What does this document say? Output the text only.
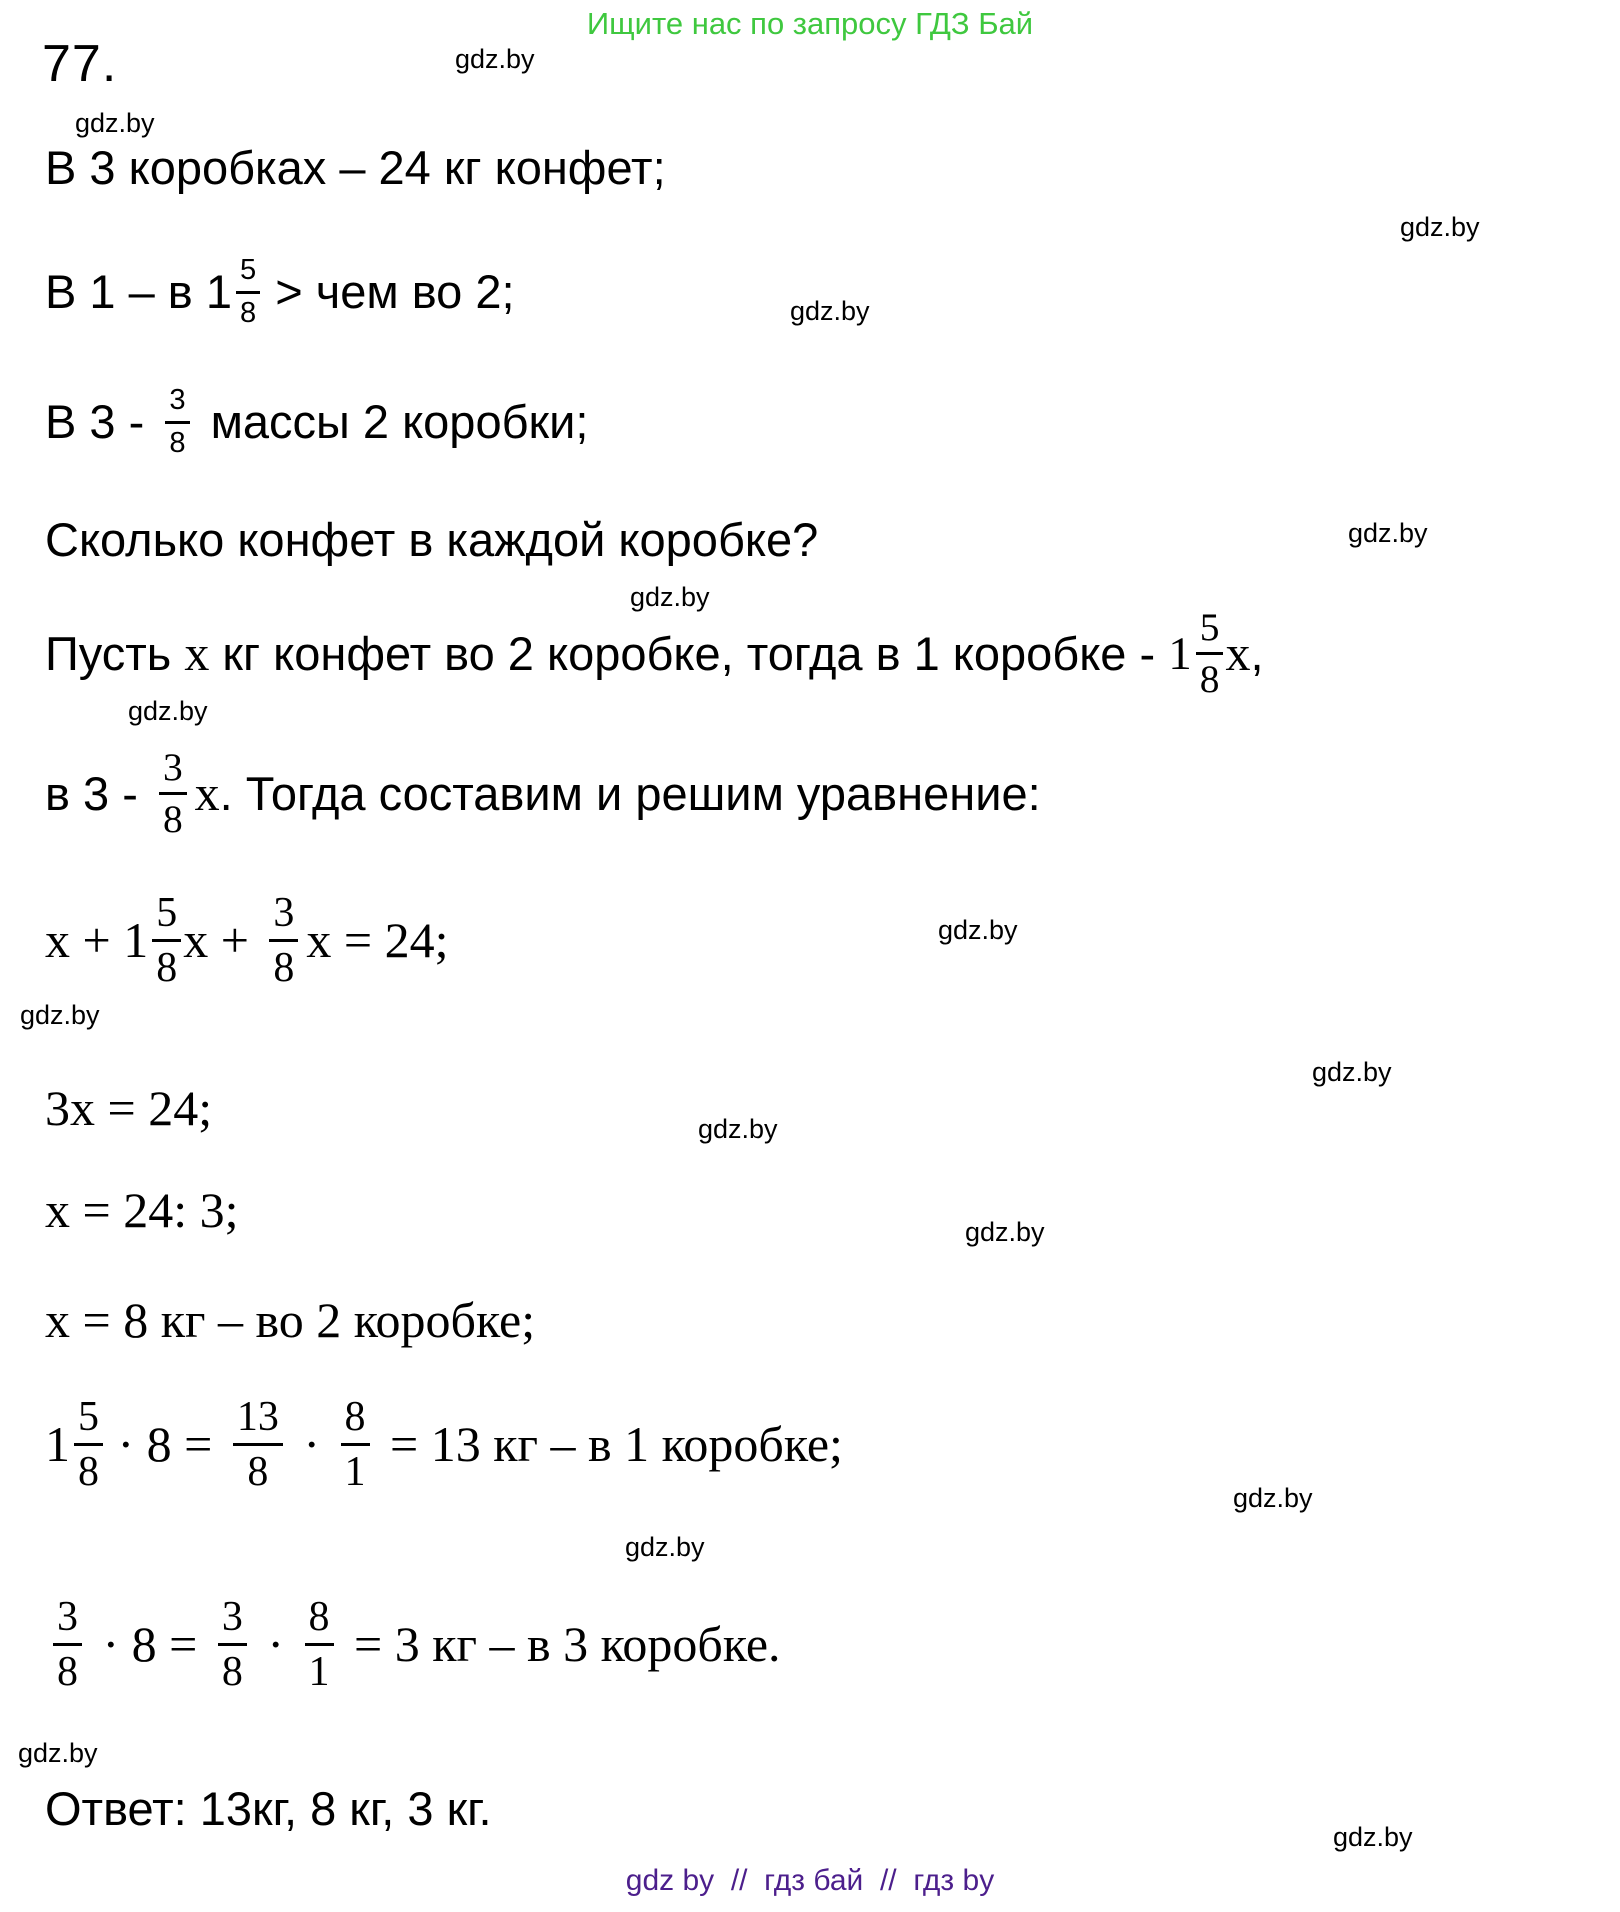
Ищите нас по запросу ГДЗ Бай
77.
В 3 коробках – 24 кг конфет;
В 1 – в $1 \frac{5}{8}$ > чем во 2;
В $3 - \frac{3}{8}$ массы 2 коробки;
Сколько конфет в каждой коробке?
Пусть x кг конфет во 2 коробке, тогда в 1 коробке - $1 \frac{5}{8}$ x ,
в $3 - \frac{3}{8}$ x . Тогда составим и решим уравнение:
$x + 1 \frac{5}{8}$ $x + \frac{3}{8}$ x = 24;
3 x = 24;
x = 24: 3;
x = 8 кг – во 2 коробке;
$1 \frac{5}{8} \cdot 8 = \frac{13}{8} \cdot \frac{8}{1} = 13$ кг – в 1 коробке;
$\frac{3}{8} \cdot 8 = \frac{3}{8} \cdot \frac{8}{1} = 3$ кг – в 3 коробке.
Ответ: 13кг, 8 кг, 3 кг.
gdz.by
gdz.by
gdz.by
gdz.by
gdz.by
gdz.by
gdz.by
gdz.by
gdz.by
gdz.by
gdz.by
gdz.by
gdz.by
gdz.by
gdz.by
gdz.by
gdz by  //  гдз бай  //  гдз by
